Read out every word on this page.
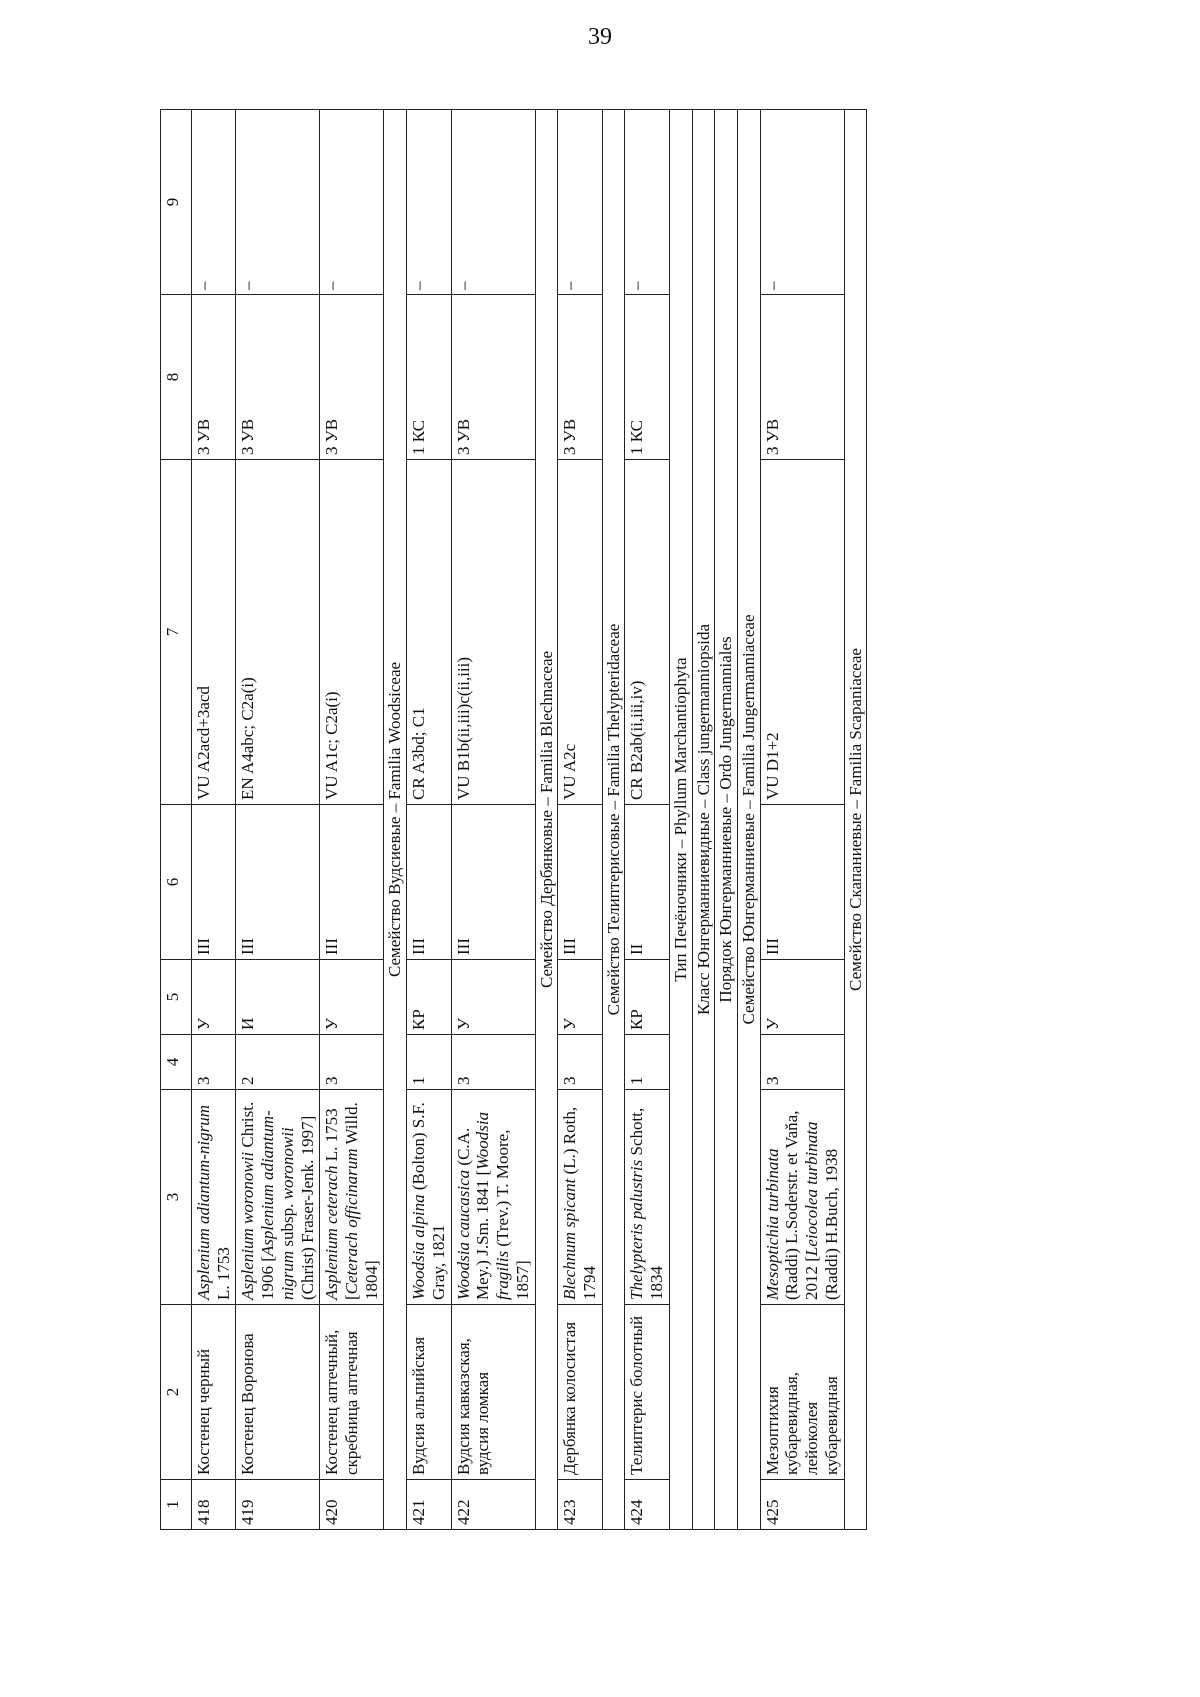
39
1	2	3	4	5	6	7	8	9
418	Костенец черный	Asplenium adiantum-nigrum L. 1753	3	У	III	VU A2acd+3acd	3 УВ	–
419	Костенец Воронова	Asplenium woronowii Christ. 1906 [Asplenium adiantum-nigrum subsp. woronowii (Christ) Fraser-Jenk. 1997]	2	И	III	EN A4abc; C2a(i)	3 УВ	–
420	Костенец аптечный, скребница аптечная	Asplenium ceterach L. 1753 [Ceterach officinarum Willd. 1804]	3	У	III	VU A1c; C2a(i)	3 УВ	–
Семейство Вудсиевые – Familia Woodsiceae								
421	Вудсия альпийская	Woodsia alpina (Bolton) S.F. Gray, 1821	1	КР	III	CR A3bd; C1	1 КС	–
422	Вудсия кавказская, вудсия ломкая	Woodsia caucasica (C.A. Mey.) J.Sm. 1841 [Woodsia fragilis (Trev.) T. Moore, 1857]	3	У	III	VU B1b(ii,iii)c(ii,iii)	3 УВ	–
Семейство Дербянковые – Familia Blechnaceae								
423	Дербянка колосистая	Blechnum spicant (L.) Roth, 1794	3	У	III	VU A2c	3 УВ	–
Семейство Телиптерисовые – Familia Thelypteridaceae								
424	Телиптерис болотный	Thelypteris palustris Schott, 1834	1	КР	II	CR B2ab(ii,iii,iv)	1 КС	–
Тип Печёночники – Phyllum Marchantiophyta								
Класс Юнгерманниевидные – Class jungermanniopsida								
Порядок Юнгерманниевые – Ordo Jungermanniales								
Семейство Юнгерманниевые – Familia Jungermanniaceae								
425	Мезоптихия кубаревидная, лейоколея кубаревидная	Mesoptichia turbinata (Raddi) L.Soderstr. et Vaňa, 2012 [Leiocolea turbinata (Raddi) H.Buch, 1938	3	У	III	VU D1+2	3 УВ	–
Семейство Скапаниевые – Familia Scapaniaceae								
